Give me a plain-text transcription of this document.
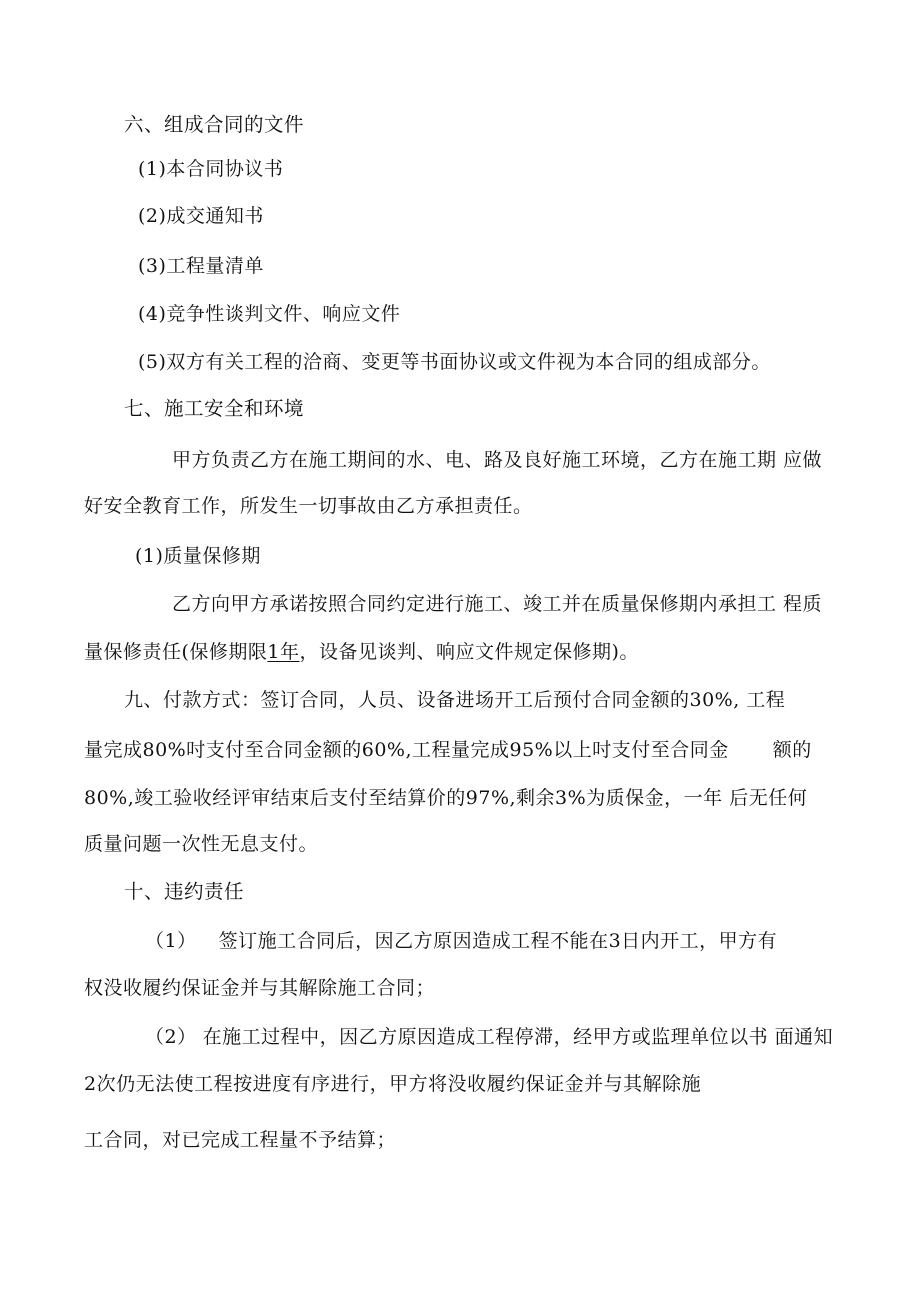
六、组成合同的文件
(1)本合同协议书
(2)成交通知书
(3)工程量清单
(4)竞争性谈判文件、响应文件
(5)双方有关工程的洽商、变更等书面协议或文件视为本合同的组成部分。
七、施工安全和环境
甲方负责乙方在施工期间的水、电、路及良好施工环境，乙方在施工期 应做
好安全教育工作，所发生一切事故由乙方承担责任。
(1)质量保修期
乙方向甲方承诺按照合同约定进行施工、竣工并在质量保修期内承担工 程质
量保修责任(保修期限1年，设备见谈判、响应文件规定保修期)。
九、付款方式：签订合同，人员、设备进场开工后预付合同金额的30%, 工程
量完成80%吋支付至合同金额的60%,工程量完成95%以上吋支付至合同金 额的
80%,竣工验收经评审结束后支付至结算价的97%,剩余3%为质保金，一年 后无任何
质量问题一次性无息支付。
十、违约责任
（1） 签订施工合同后，因乙方原因造成工程不能在3日内开工，甲方有
权没收履约保证金并与其解除施工合同；
（2） 在施工过程中，因乙方原因造成工程停滞，经甲方或监理单位以书 面通知
2次仍无法使工程按进度有序进行，甲方将没收履约保证金并与其解除施
工合同，对已完成工程量不予结算；
